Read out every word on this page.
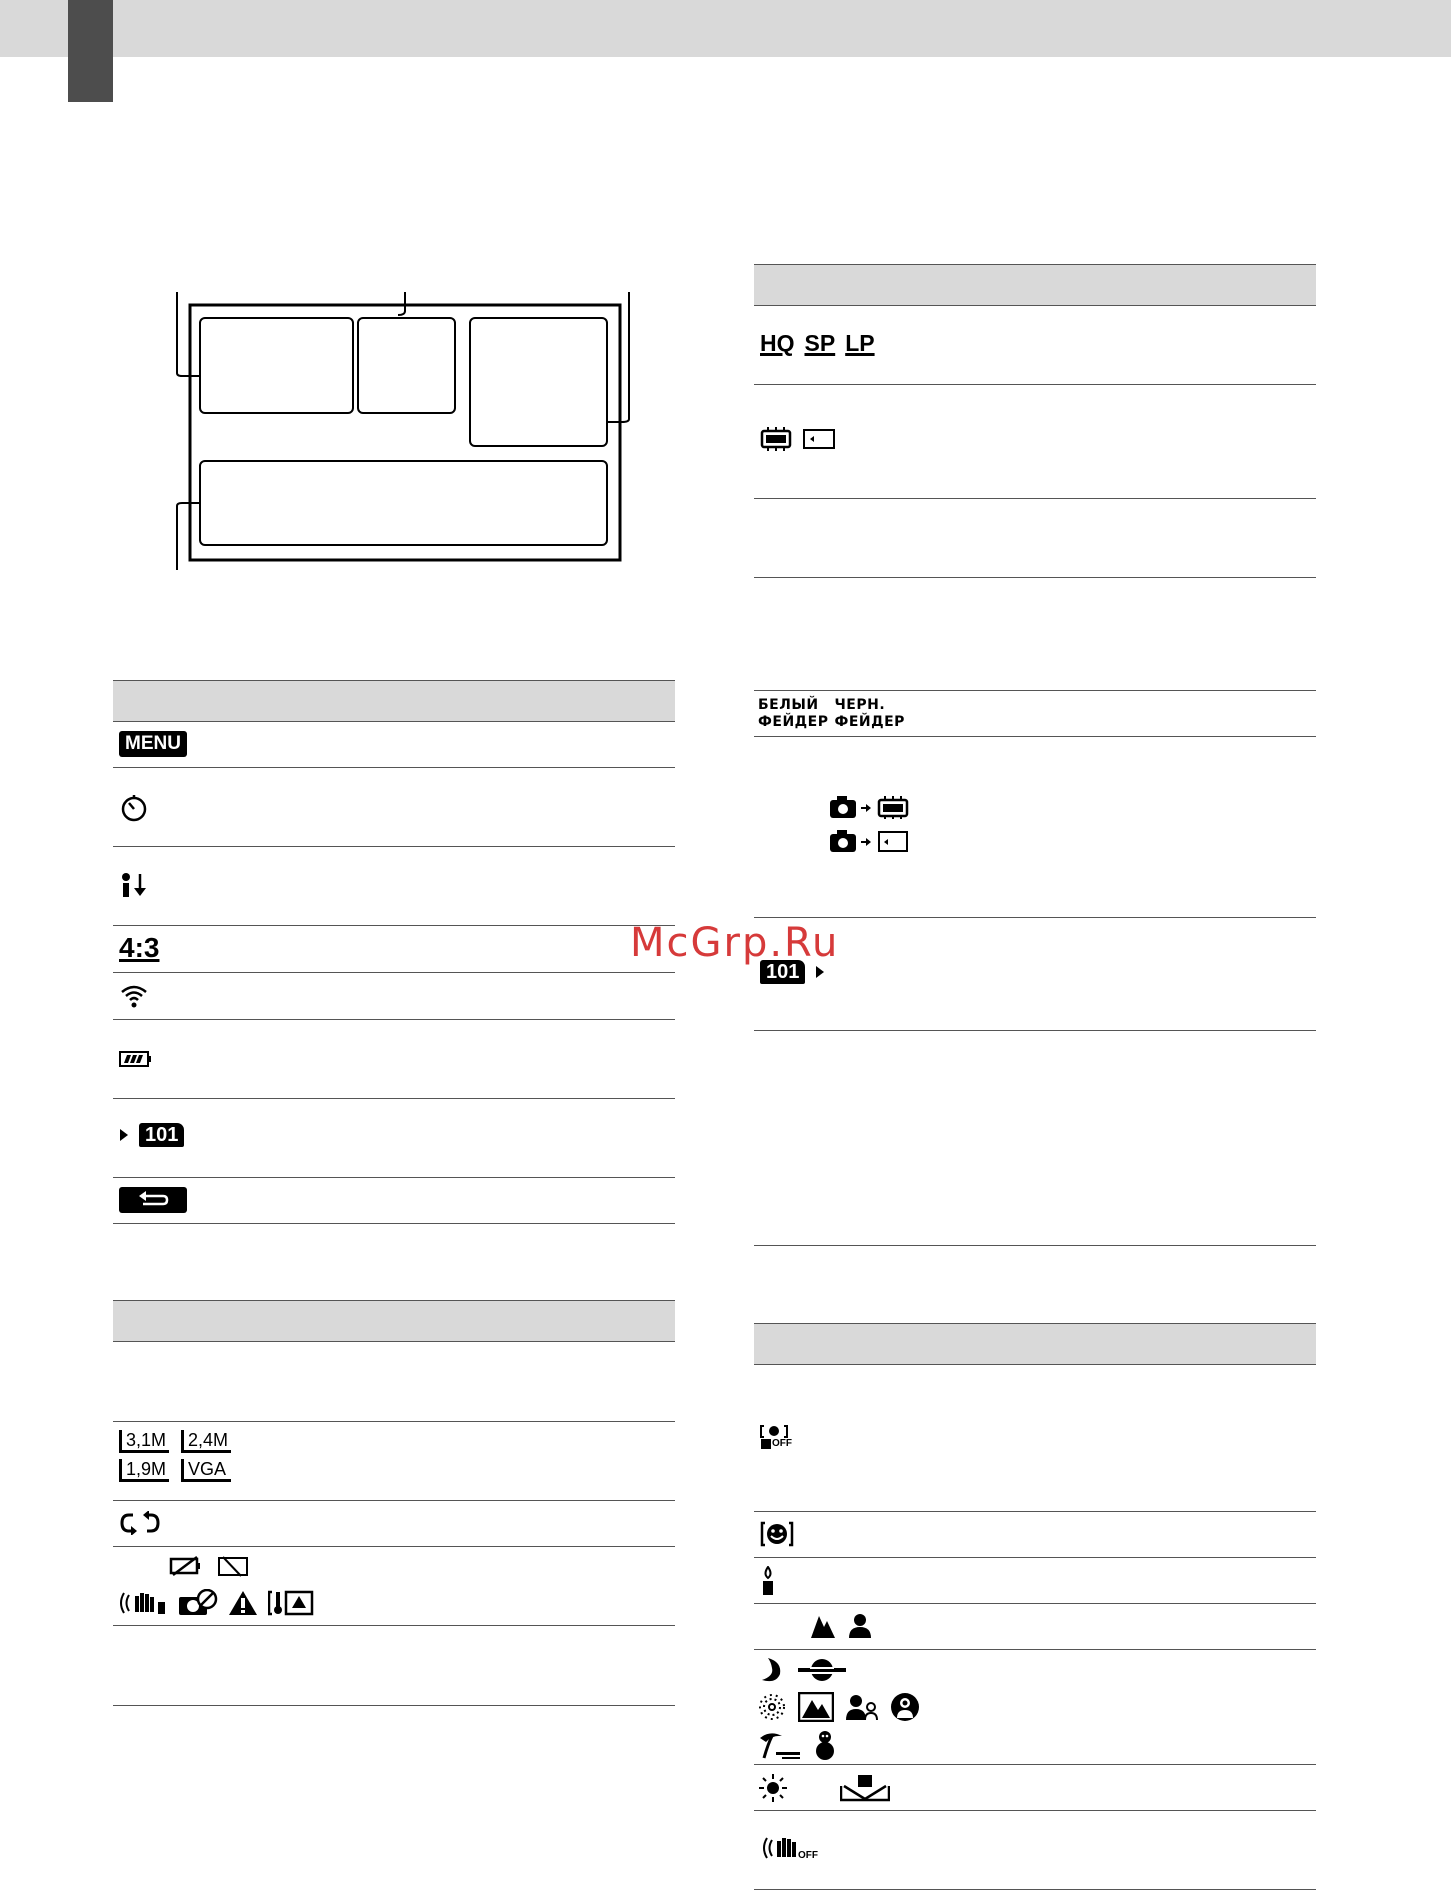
MENU
4:3
101
3,1M	2,4M
1,9M	VGA
HQ SP LP
БЕЛЫЙ	ЧЕРН.
ФЕЙДЕР ФЕЙДЕР
101
OFF
OFF
McGrp.Ru
